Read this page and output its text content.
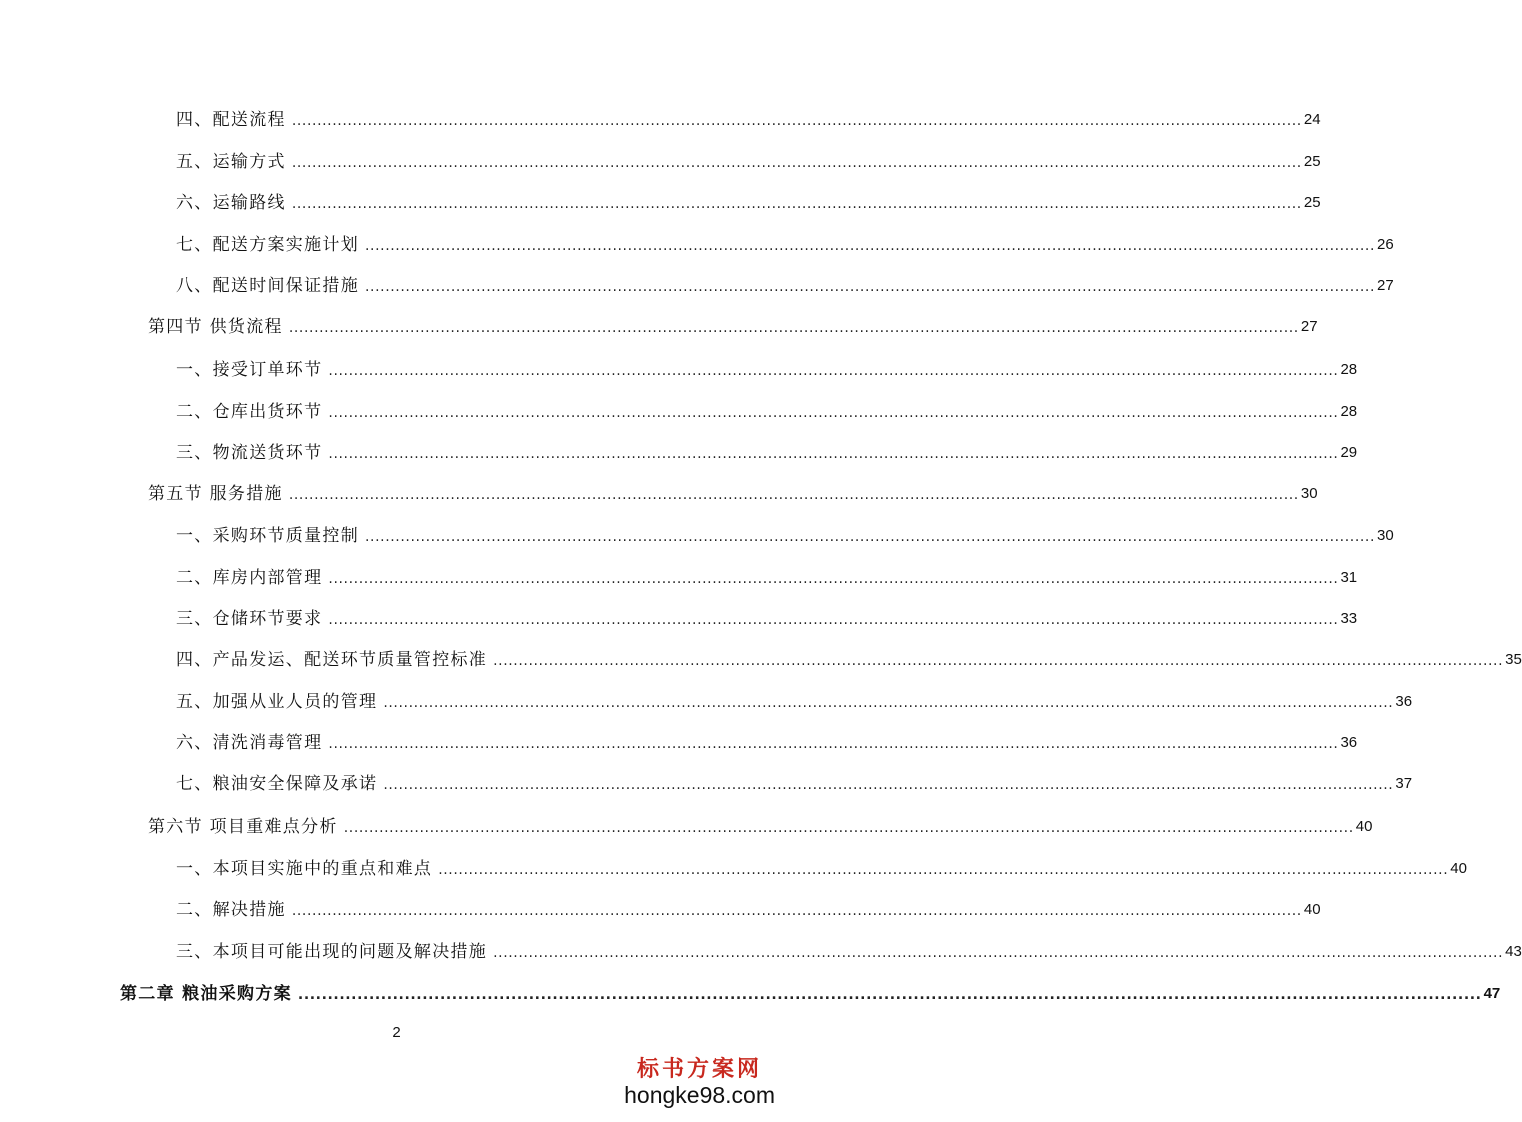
四、配送流程 ........................................................................................................................................................................................................ 24
五、运输方式 ........................................................................................................................................................................................................ 25
六、运输路线 ........................................................................................................................................................................................................ 25
七、配送方案实施计划 ........................................................................................................................................................................................................ 26
八、配送时间保证措施 ........................................................................................................................................................................................................ 27
第四节 供货流程 ........................................................................................................................................................................................................ 27
一、接受订单环节 ........................................................................................................................................................................................................ 28
二、仓库出货环节 ........................................................................................................................................................................................................ 28
三、物流送货环节 ........................................................................................................................................................................................................ 29
第五节 服务措施 ........................................................................................................................................................................................................ 30
一、采购环节质量控制 ........................................................................................................................................................................................................ 30
二、库房内部管理 ........................................................................................................................................................................................................ 31
三、仓储环节要求 ........................................................................................................................................................................................................ 33
四、产品发运、配送环节质量管控标准 ........................................................................................................................................................................................................ 35
五、加强从业人员的管理 ........................................................................................................................................................................................................ 36
六、清洗消毒管理 ........................................................................................................................................................................................................ 36
七、粮油安全保障及承诺 ........................................................................................................................................................................................................ 37
第六节 项目重难点分析 ........................................................................................................................................................................................................ 40
一、本项目实施中的重点和难点 ........................................................................................................................................................................................................ 40
二、解决措施 ........................................................................................................................................................................................................ 40
三、本项目可能出现的问题及解决措施 ........................................................................................................................................................................................................ 43
第二章 粮油采购方案 ........................................................................................................................................................................................................ 47
2
标书方案网
hongke98.com
